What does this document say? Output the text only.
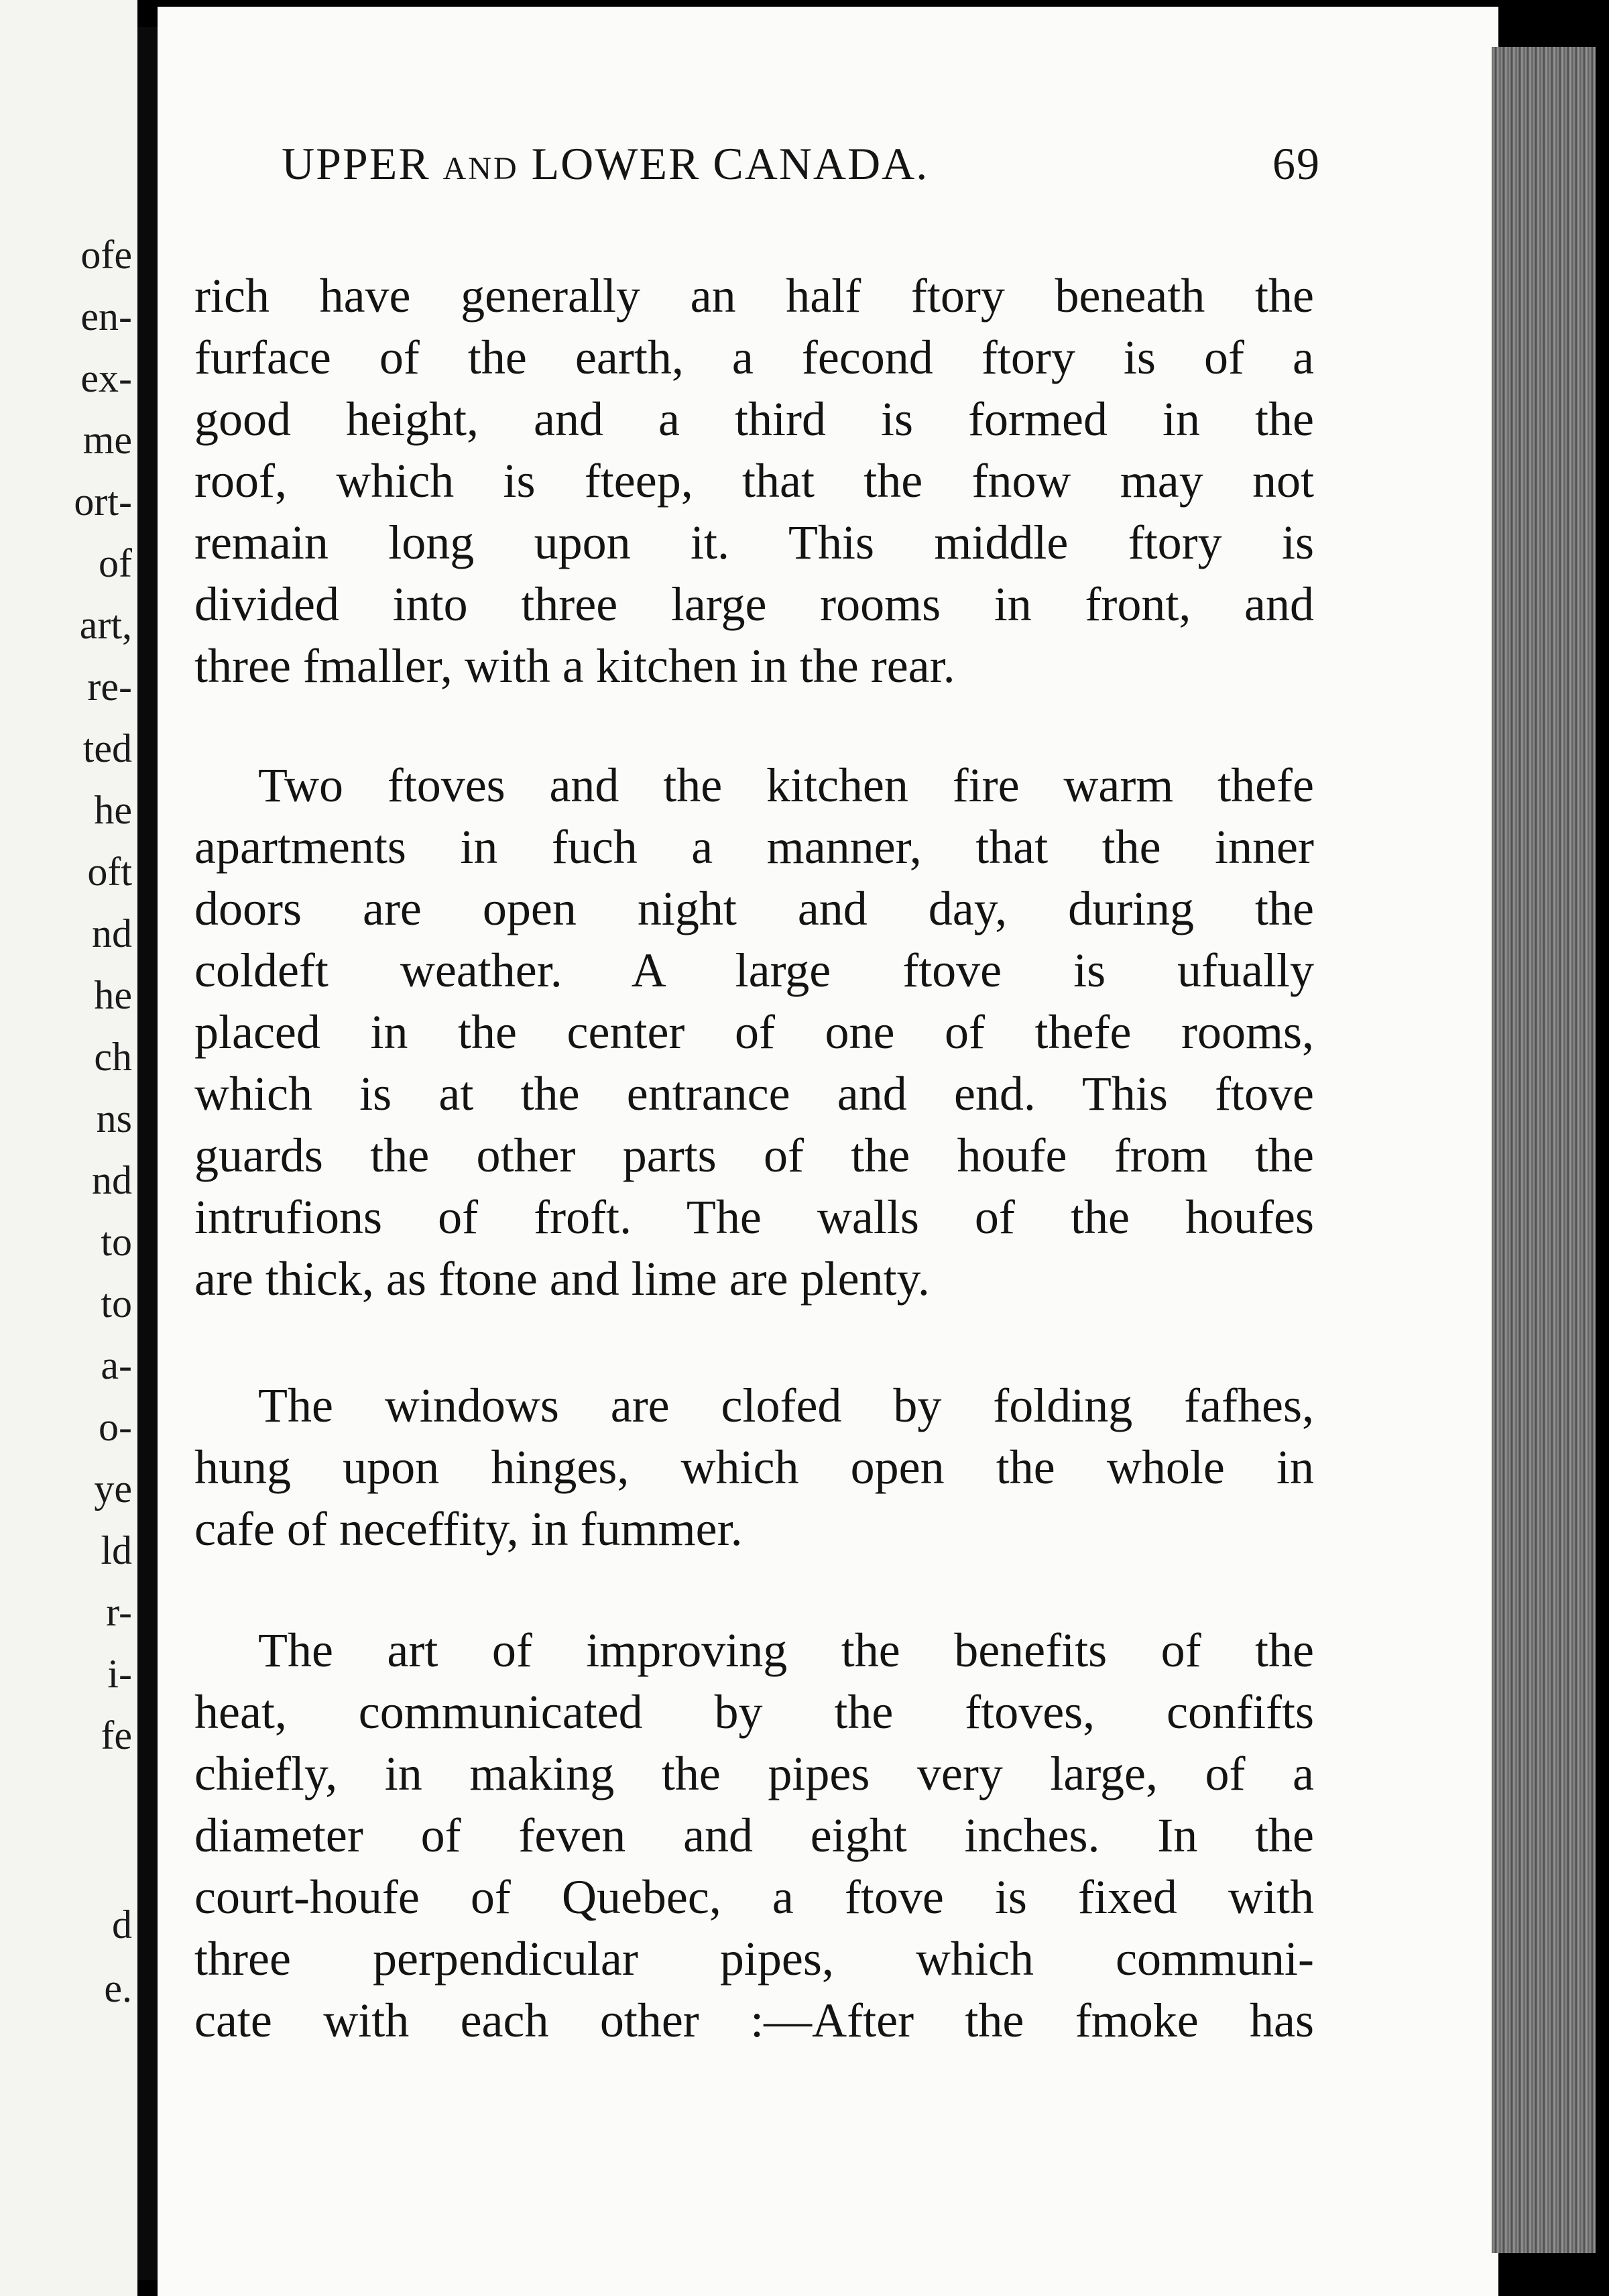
ofe
en-
ex-
me
ort-
of
art,
re-
ted
he
oft
nd
he
ch
ns
nd
to
to
a-
o-
ye
ld
r-
i-
fe
d
e.
UPPER AND LOWER CANADA.	69
rich have generally an half ftory beneath the
furface of the earth, a fecond ftory is of a
good height, and a third is formed in the
roof, which is fteep, that the fnow may not
remain long upon it. This middle ftory is
divided into three large rooms in front, and
three fmaller, with a kitchen in the rear.
Two ftoves and the kitchen fire warm thefe
apartments in fuch a manner, that the inner
doors are open night and day, during the
coldeft weather. A large ftove is ufually
placed in the center of one of thefe rooms,
which is at the entrance and end. This ftove
guards the other parts of the houfe from the
intrufions of froft. The walls of the houfes
are thick, as ftone and lime are plenty.
The windows are clofed by folding fafhes,
hung upon hinges, which open the whole in
cafe of neceffity, in fummer.
The art of improving the benefits of the
heat, communicated by the ftoves, confifts
chiefly, in making the pipes very large, of a
diameter of feven and eight inches. In the
court-houfe of Quebec, a ftove is fixed with
three perpendicular pipes, which communi-
cate with each other :—After the fmoke has
